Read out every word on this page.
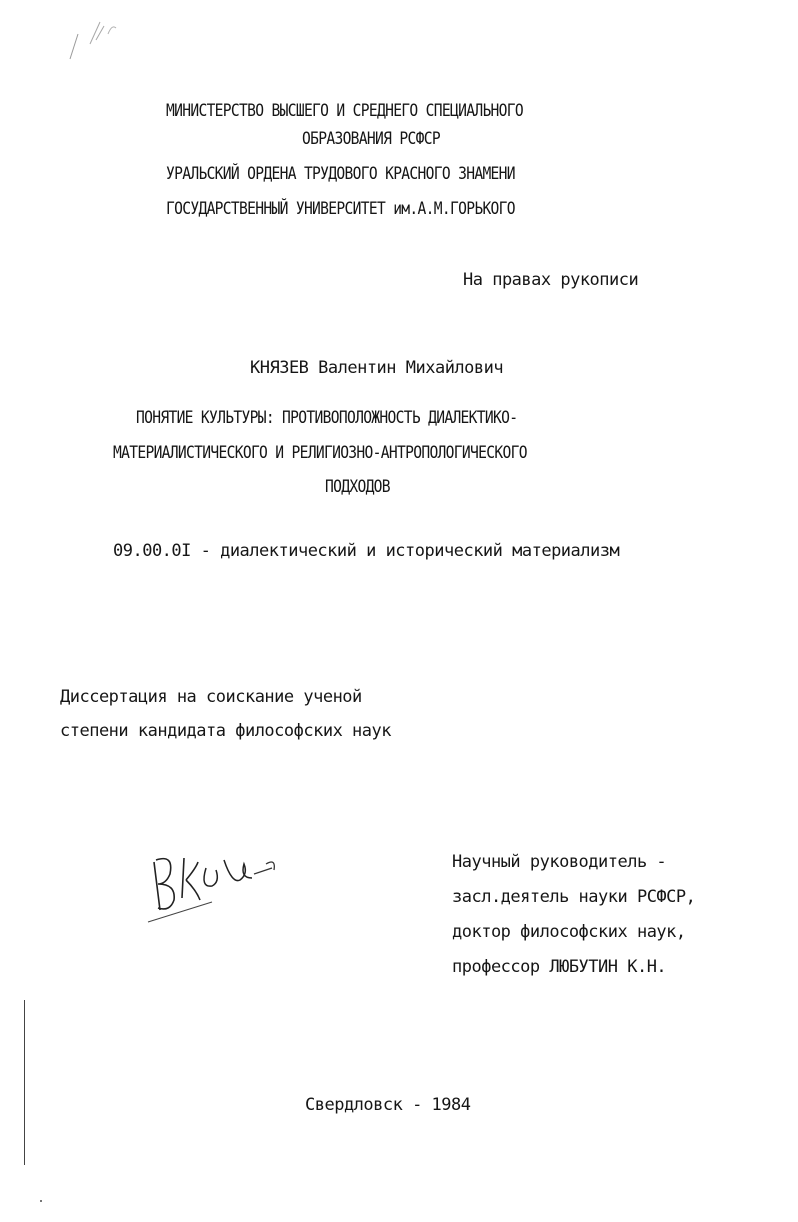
МИНИСТЕРСТВО ВЫСШЕГО И СРЕДНЕГО СПЕЦИАЛЬНОГО
ОБРАЗОВАНИЯ РСФСР
УРАЛЬСКИЙ ОРДЕНА ТРУДОВОГО КРАСНОГО ЗНАМЕНИ
ГОСУДАРСТВЕННЫЙ УНИВЕРСИТЕТ им.А.М.ГОРЬКОГО
На правах рукописи
КНЯЗЕВ Валентин Михайлович
ПОНЯТИЕ КУЛЬТУРЫ: ПРОТИВОПОЛОЖНОСТЬ ДИАЛЕКТИКО-
МАТЕРИАЛИСТИЧЕСКОГО И РЕЛИГИОЗНО-АНТРОПОЛОГИЧЕСКОГО
ПОДХОДОВ
09.00.0I - диалектический и исторический материализм
Диссертация на соискание ученой
степени кандидата философских наук
Научный руководитель -
засл.деятель науки РСФСР,
доктор философских наук,
профессор ЛЮБУТИН К.Н.
Свердловск - 1984
